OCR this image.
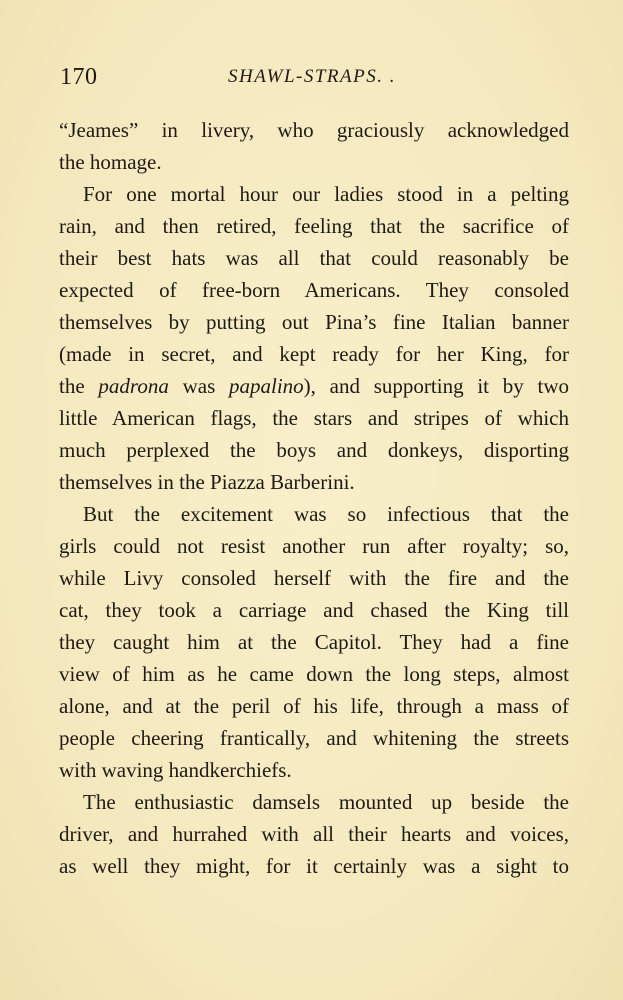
170	SHAWL-STRAPS. .
“Jeames” in livery, who graciously acknowledged
the homage.
For one mortal hour our ladies stood in a pelting
rain, and then retired, feeling that the sacrifice of
their best hats was all that could reasonably be
expected of free-born Americans. They consoled
themselves by putting out Pina’s fine Italian banner
(made in secret, and kept ready for her King, for
the padrona was papalino), and supporting it by two
little American flags, the stars and stripes of which
much perplexed the boys and donkeys, disporting
themselves in the Piazza Barberini.
But the excitement was so infectious that the
girls could not resist another run after royalty; so,
while Livy consoled herself with the fire and the
cat, they took a carriage and chased the King till
they caught him at the Capitol. They had a fine
view of him as he came down the long steps, almost
alone, and at the peril of his life, through a mass of
people cheering frantically, and whitening the streets
with waving handkerchiefs.
The enthusiastic damsels mounted up beside the
driver, and hurrahed with all their hearts and voices,
as well they might, for it certainly was a sight to
